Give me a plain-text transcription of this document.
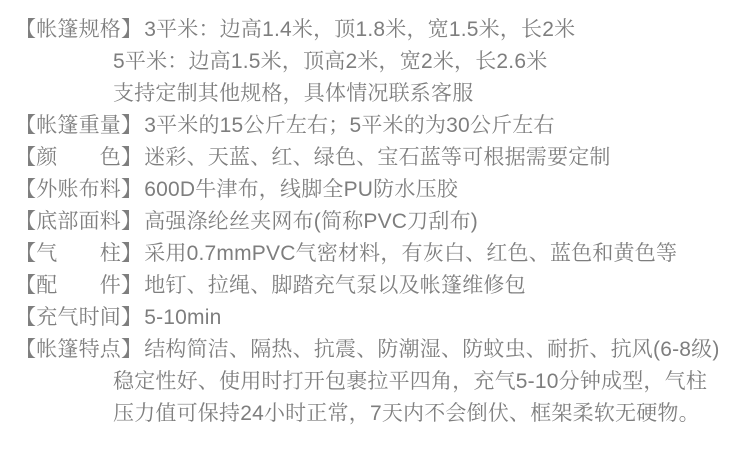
【帐篷规格】3平米：边高1.4米，顶1.8米，宽1.5米，长2米
5平米：边高1.5米，顶高2米，宽2米，长2.6米
支持定制其他规格，具体情况联系客服
【帐篷重量】3平米的15公斤左右；5平米的为30公斤左右
【颜　　色】迷彩、天蓝、红、绿色、宝石蓝等可根据需要定制
【外账布料】600D牛津布，线脚全PU防水压胶
【底部面料】高强涤纶丝夹网布(简称PVC刀刮布)
【气　　柱】采用0.7mmPVC气密材料，有灰白、红色、蓝色和黄色等
【配　　件】地钉、拉绳、脚踏充气泵以及帐篷维修包
【充气时间】5-10min
【帐篷特点】结构简洁、隔热、抗震、防潮湿、防蚊虫、耐折、抗风(6-8级)
稳定性好、使用时打开包裹拉平四角，充气5-10分钟成型，气柱
压力值可保持24小时正常，7天内不会倒伏、框架柔软无硬物。
